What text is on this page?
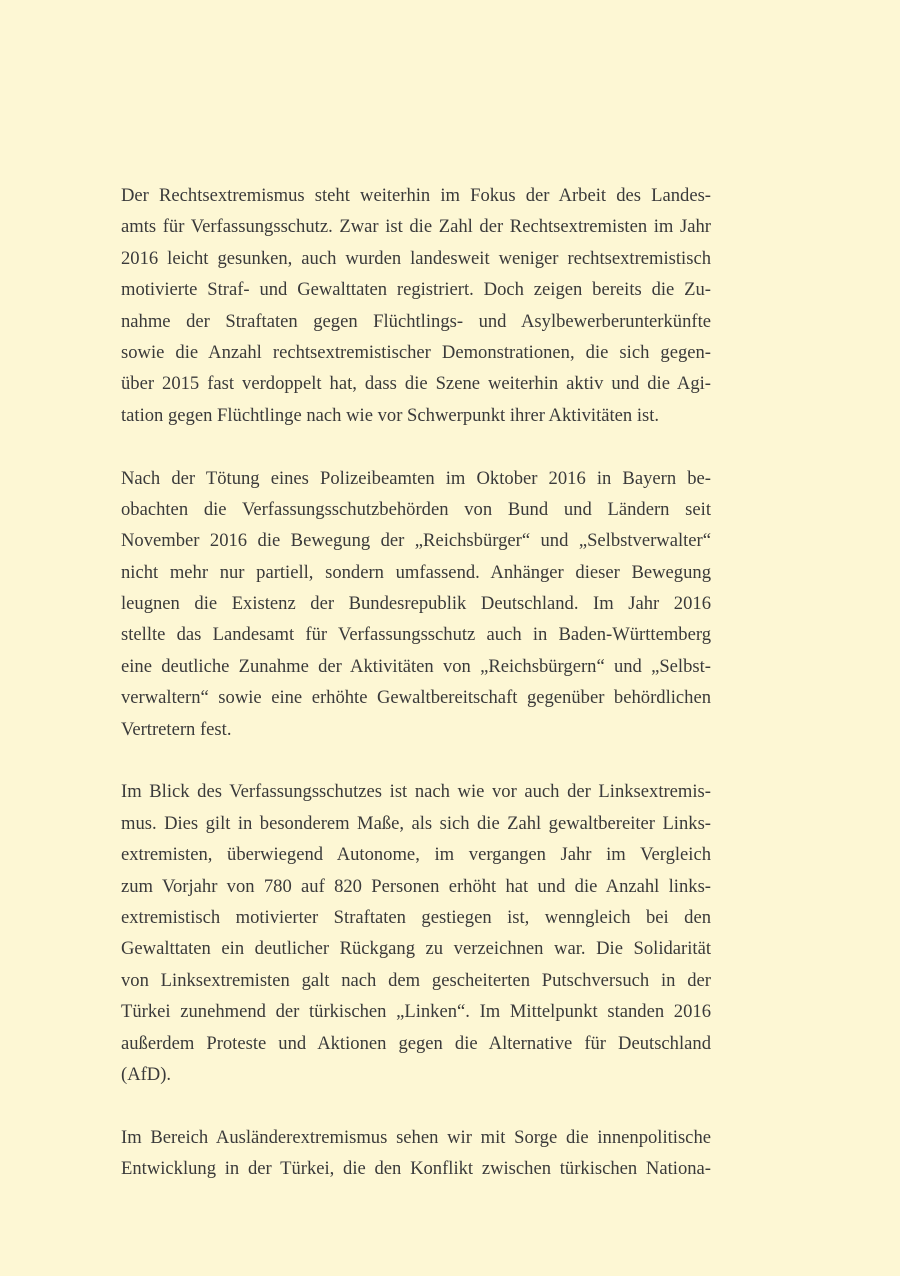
Der Rechtsextremismus steht weiterhin im Fokus der Arbeit des Landes-
amts für Verfassungsschutz. Zwar ist die Zahl der Rechtsextremisten im Jahr
2016 leicht gesunken, auch wurden landesweit weniger rechtsextremistisch
motivierte Straf- und Gewalttaten registriert. Doch zeigen bereits die Zu-
nahme der Straftaten gegen Flüchtlings- und Asylbewerberunterkünfte
sowie die Anzahl rechtsextremistischer Demonstrationen, die sich gegen-
über 2015 fast verdoppelt hat, dass die Szene weiterhin aktiv und die Agi-
tation gegen Flüchtlinge nach wie vor Schwerpunkt ihrer Aktivitäten ist.
Nach der Tötung eines Polizeibeamten im Oktober 2016 in Bayern be-
obachten die Verfassungsschutzbehörden von Bund und Ländern seit
November 2016 die Bewegung der „Reichsbürger“ und „Selbstverwalter“
nicht mehr nur partiell, sondern umfassend. Anhänger dieser Bewegung
leugnen die Existenz der Bundesrepublik Deutschland. Im Jahr 2016
stellte das Landesamt für Verfassungsschutz auch in Baden-Württemberg
eine deutliche Zunahme der Aktivitäten von „Reichsbürgern“ und „Selbst-
verwaltern“ sowie eine erhöhte Gewaltbereitschaft gegenüber behördlichen
Vertretern fest.
Im Blick des Verfassungsschutzes ist nach wie vor auch der Linksextremis-
mus. Dies gilt in besonderem Maße, als sich die Zahl gewaltbereiter Links-
extremisten, überwiegend Autonome, im vergangen Jahr im Vergleich
zum Vorjahr von 780 auf 820 Personen erhöht hat und die Anzahl links-
extremistisch motivierter Straftaten gestiegen ist, wenngleich bei den
Gewalttaten ein deutlicher Rückgang zu verzeichnen war. Die Solidarität
von Linksextremisten galt nach dem gescheiterten Putschversuch in der
Türkei zunehmend der türkischen „Linken“. Im Mittelpunkt standen 2016
außerdem Proteste und Aktionen gegen die Alternative für Deutschland
(AfD).
Im Bereich Ausländerextremismus sehen wir mit Sorge die innenpolitische
Entwicklung in der Türkei, die den Konflikt zwischen türkischen Nationa-
